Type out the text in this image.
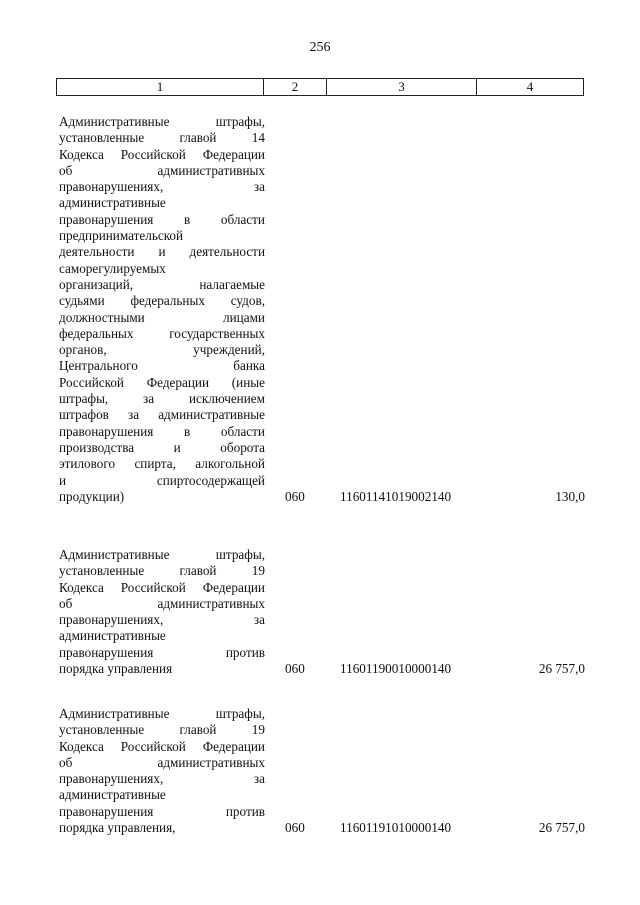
256
1	2	3	4
Административные штрафы,
установленные главой 14
Кодекса Российской Федерации
об административных
правонарушениях, за
административные
правонарушения в области
предпринимательской
деятельности и деятельности
саморегулируемых
организаций, налагаемые
судьями федеральных судов,
должностными лицами
федеральных государственных
органов, учреждений,
Центрального банка
Российской Федерации (иные
штрафы, за исключением
штрафов за административные
правонарушения в области
производства и оборота
этилового спирта, алкогольной
и спиртосодержащей
продукции)	060	11601141019002140	130,0
Административные штрафы,
установленные главой 19
Кодекса Российской Федерации
об административных
правонарушениях, за
административные
правонарушения против
порядка управления	060	11601190010000140	26 757,0
Административные штрафы,
установленные главой 19
Кодекса Российской Федерации
об административных
правонарушениях, за
административные
правонарушения против
порядка управления,	060	11601191010000140	26 757,0
